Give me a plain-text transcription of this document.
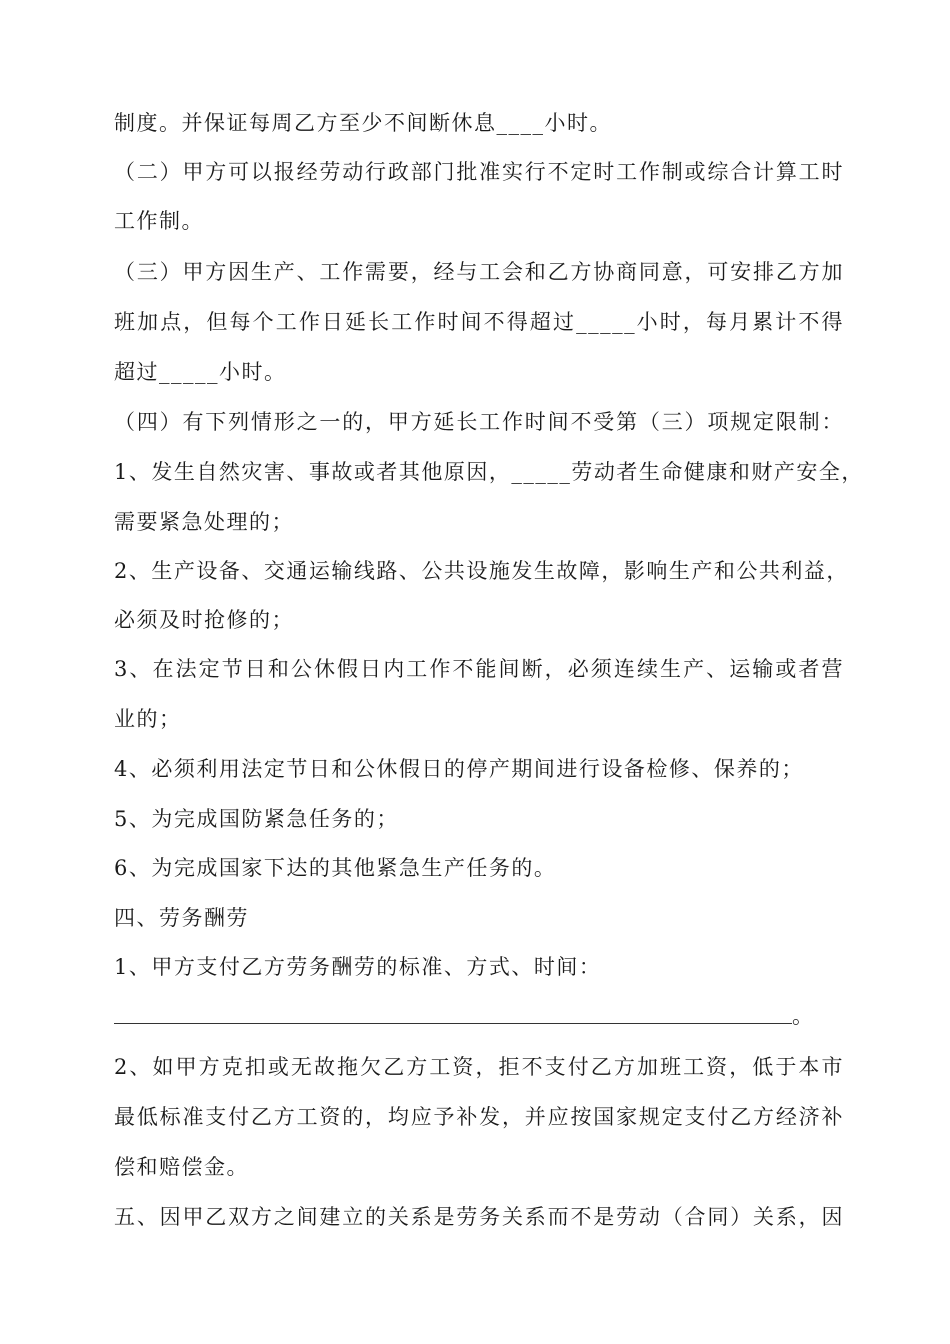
制度。并保证每周乙方至少不间断休息____小时。
（二）甲方可以报经劳动行政部门批准实行不定时工作制或综合计算工时
工作制。
（三）甲方因生产、工作需要，经与工会和乙方协商同意，可安排乙方加
班加点，但每个工作日延长工作时间不得超过_____小时，每月累计不得
超过_____小时。
（四）有下列情形之一的，甲方延长工作时间不受第（三）项规定限制：
1、发生自然灾害、事故或者其他原因，_____劳动者生命健康和财产安全，
需要紧急处理的；
2、生产设备、交通运输线路、公共设施发生故障，影响生产和公共利益，
必须及时抢修的；
3、在法定节日和公休假日内工作不能间断，必须连续生产、运输或者营
业的；
4、必须利用法定节日和公休假日的停产期间进行设备检修、保养的；
5、为完成国防紧急任务的；
6、为完成国家下达的其他紧急生产任务的。
四、劳务酬劳
1、甲方支付乙方劳务酬劳的标准、方式、时间：
。
2、如甲方克扣或无故拖欠乙方工资，拒不支付乙方加班工资，低于本市
最低标准支付乙方工资的，均应予补发，并应按国家规定支付乙方经济补
偿和赔偿金。
五、因甲乙双方之间建立的关系是劳务关系而不是劳动（合同）关系，因
